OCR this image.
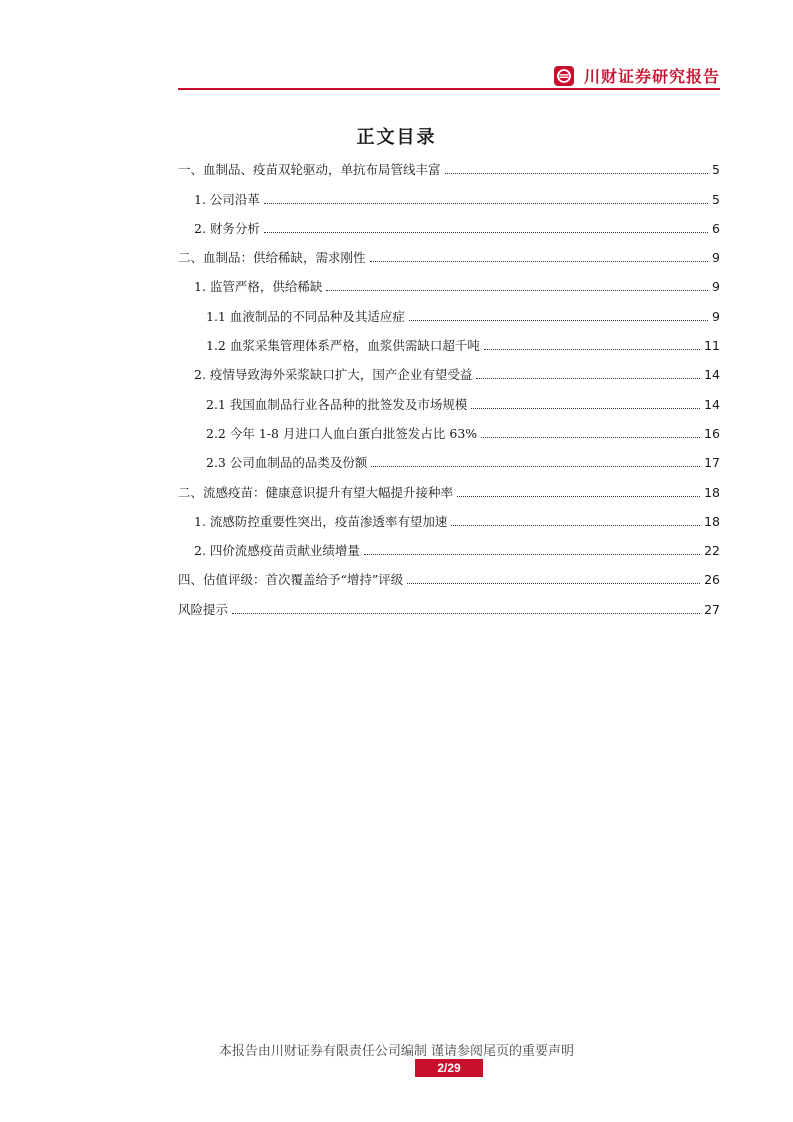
川财证券研究报告
正文目录
一、血制品、疫苗双轮驱动，单抗布局管线丰富	5
1. 公司沿革	5
2. 财务分析	6
二、血制品：供给稀缺，需求刚性	9
1. 监管严格，供给稀缺	9
1.1 血液制品的不同品种及其适应症	9
1.2 血浆采集管理体系严格，血浆供需缺口超千吨	11
2. 疫情导致海外采浆缺口扩大，国产企业有望受益	14
2.1 我国血制品行业各品种的批签发及市场规模	14
2.2 今年 1-8 月进口人血白蛋白批签发占比 63%	16
2.3 公司血制品的品类及份额	17
二、流感疫苗：健康意识提升有望大幅提升接种率	18
1. 流感防控重要性突出，疫苗渗透率有望加速	18
2. 四价流感疫苗贡献业绩增量	22
四、估值评级：首次覆盖给予“增持”评级	26
风险提示	27
本报告由川财证券有限责任公司编制 谨请参阅尾页的重要声明
2/29
